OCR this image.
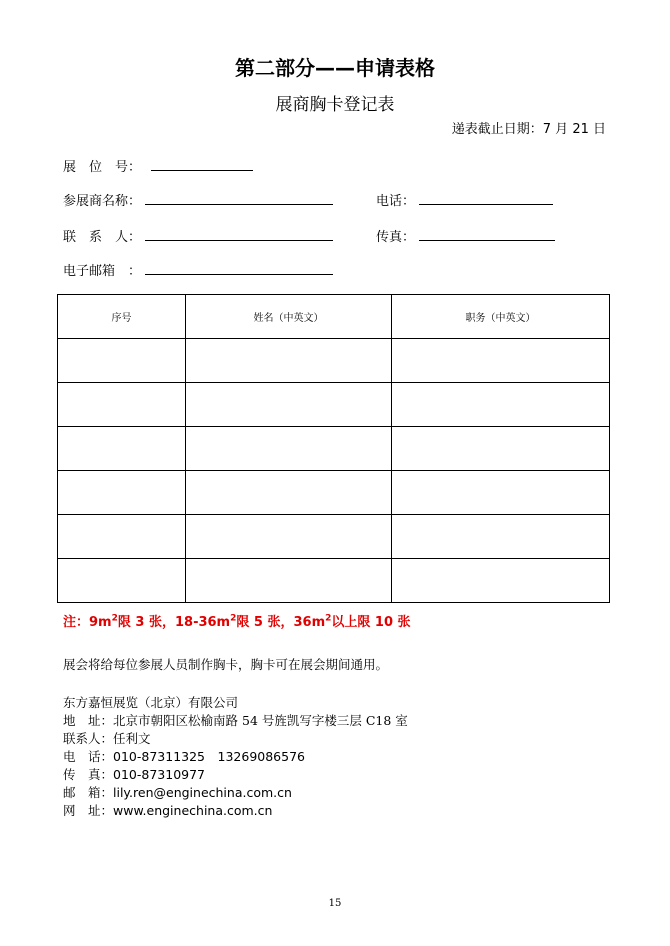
第二部分——申请表格
展商胸卡登记表
递表截止日期：7 月 21 日
展　位　号：
参展商名称：	电话：
联　系　人：	传真：
电子邮箱　：
序号	姓名（中英文）	职务（中英文）

注：$9m^2$限 3 张，$18-36m^2$限 5 张，$36m^2$以上限 10 张
展会将给每位参展人员制作胸卡，胸卡可在展会期间通用。
东方嘉恒展览（北京）有限公司
地　址：北京市朝阳区松榆南路 54 号旌凯写字楼三层 C18 室
联系人：任利文
电　话：010-87311325　13269086576
传　真：010-87310977
邮　箱：lily.ren@enginechina.com.cn
网　址：www.enginechina.com.cn
15
